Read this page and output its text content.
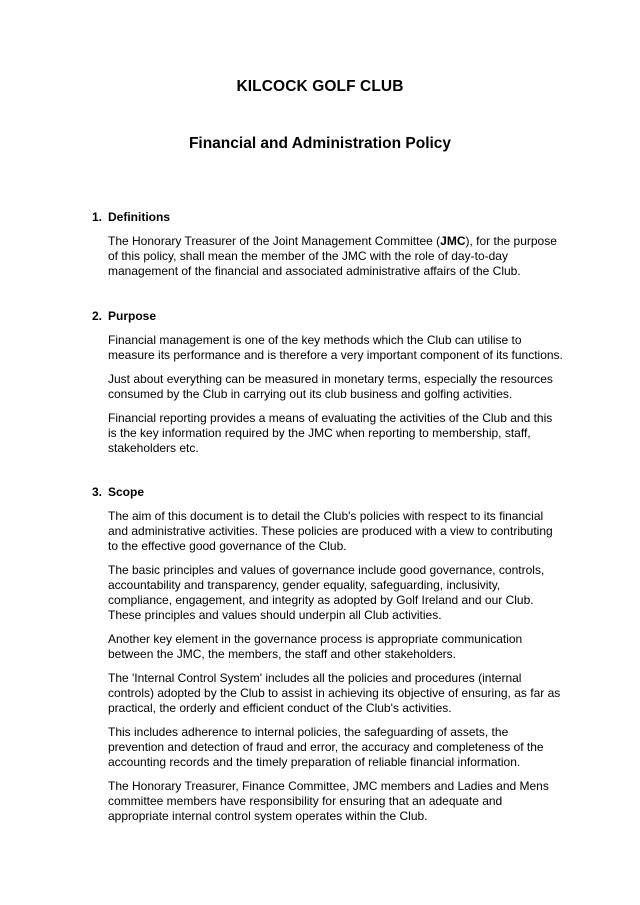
KILCOCK GOLF CLUB
Financial and Administration Policy

1. Definitions

The Honorary Treasurer of the Joint Management Committee (JMC), for the purpose of this policy, shall mean the member of the JMC with the role of day-to-day management of the financial and associated administrative affairs of the Club.

2. Purpose

Financial management is one of the key methods which the Club can utilise to measure its performance and is therefore a very important component of its functions.

Just about everything can be measured in monetary terms, especially the resources consumed by the Club in carrying out its club business and golfing activities.

Financial reporting provides a means of evaluating the activities of the Club and this is the key information required by the JMC when reporting to membership, staff, stakeholders etc.

3. Scope

The aim of this document is to detail the Club's policies with respect to its financial and administrative activities. These policies are produced with a view to contributing to the effective good governance of the Club.

The basic principles and values of governance include good governance, controls, accountability and transparency, gender equality, safeguarding, inclusivity, compliance, engagement, and integrity as adopted by Golf Ireland and our Club. These principles and values should underpin all Club activities.

Another key element in the governance process is appropriate communication between the JMC, the members, the staff and other stakeholders.

The 'Internal Control System' includes all the policies and procedures (internal controls) adopted by the Club to assist in achieving its objective of ensuring, as far as practical, the orderly and efficient conduct of the Club's activities.

This includes adherence to internal policies, the safeguarding of assets, the prevention and detection of fraud and error, the accuracy and completeness of the accounting records and the timely preparation of reliable financial information.

The Honorary Treasurer, Finance Committee, JMC members and Ladies and Mens committee members have responsibility for ensuring that an adequate and appropriate internal control system operates within the Club.
